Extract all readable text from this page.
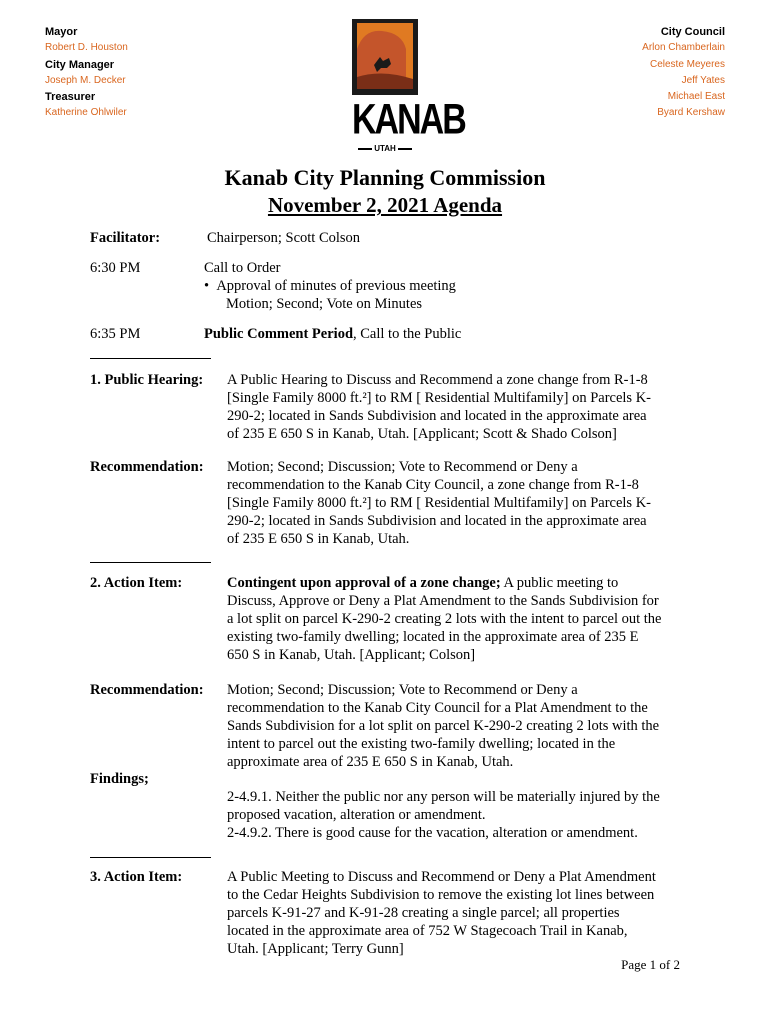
Mayor
Robert D. Houston
City Manager
Joseph M. Decker
Treasurer
Katherine Ohlwiler
City Council
Arlon Chamberlain
Celeste Meyeres
Jeff Yates
Michael East
Byard Kershaw
KANAB
UTAH
Kanab City Planning Commission
November 2, 2021 Agenda
Facilitator:	Chairperson; Scott Colson
6:30 PM	Call to Order
•  Approval of minutes of previous meeting
Motion; Second; Vote on Minutes
6:35 PM	Public Comment Period, Call to the Public
1. Public Hearing: A Public Hearing to Discuss and Recommend a zone change from R-1-8
[Single Family 8000 ft.²] to RM [ Residential Multifamily] on Parcels K-
290-2; located in Sands Subdivision and located in the approximate area
of 235 E 650 S in Kanab, Utah. [Applicant; Scott & Shado Colson]
Recommendation: Motion; Second; Discussion; Vote to Recommend or Deny a
recommendation to the Kanab City Council, a zone change from R-1-8
[Single Family 8000 ft.²] to RM [ Residential Multifamily] on Parcels K-
290-2; located in Sands Subdivision and located in the approximate area
of 235 E 650 S in Kanab, Utah.
2. Action Item:	Contingent upon approval of a zone change; A public meeting to
Discuss, Approve or Deny a Plat Amendment to the Sands Subdivision for
a lot split on parcel K-290-2 creating 2 lots with the intent to parcel out the
existing two-family dwelling; located in the approximate area of 235 E
650 S in Kanab, Utah. [Applicant; Colson]
Recommendation: Motion; Second; Discussion; Vote to Recommend or Deny a
recommendation to the Kanab City Council for a Plat Amendment to the
Sands Subdivision for a lot split on parcel K-290-2 creating 2 lots with the
intent to parcel out the existing two-family dwelling; located in the
approximate area of 235 E 650 S in Kanab, Utah.
Findings;
2-4.9.1. Neither the public nor any person will be materially injured by the
proposed vacation, alteration or amendment.
2-4.9.2. There is good cause for the vacation, alteration or amendment.
3. Action Item:	A Public Meeting to Discuss and Recommend or Deny a Plat Amendment
to the Cedar Heights Subdivision to remove the existing lot lines between
parcels K-91-27 and K-91-28 creating a single parcel; all properties
located in the approximate area of 752 W Stagecoach Trail in Kanab,
Utah. [Applicant; Terry Gunn]
Page 1 of 2
